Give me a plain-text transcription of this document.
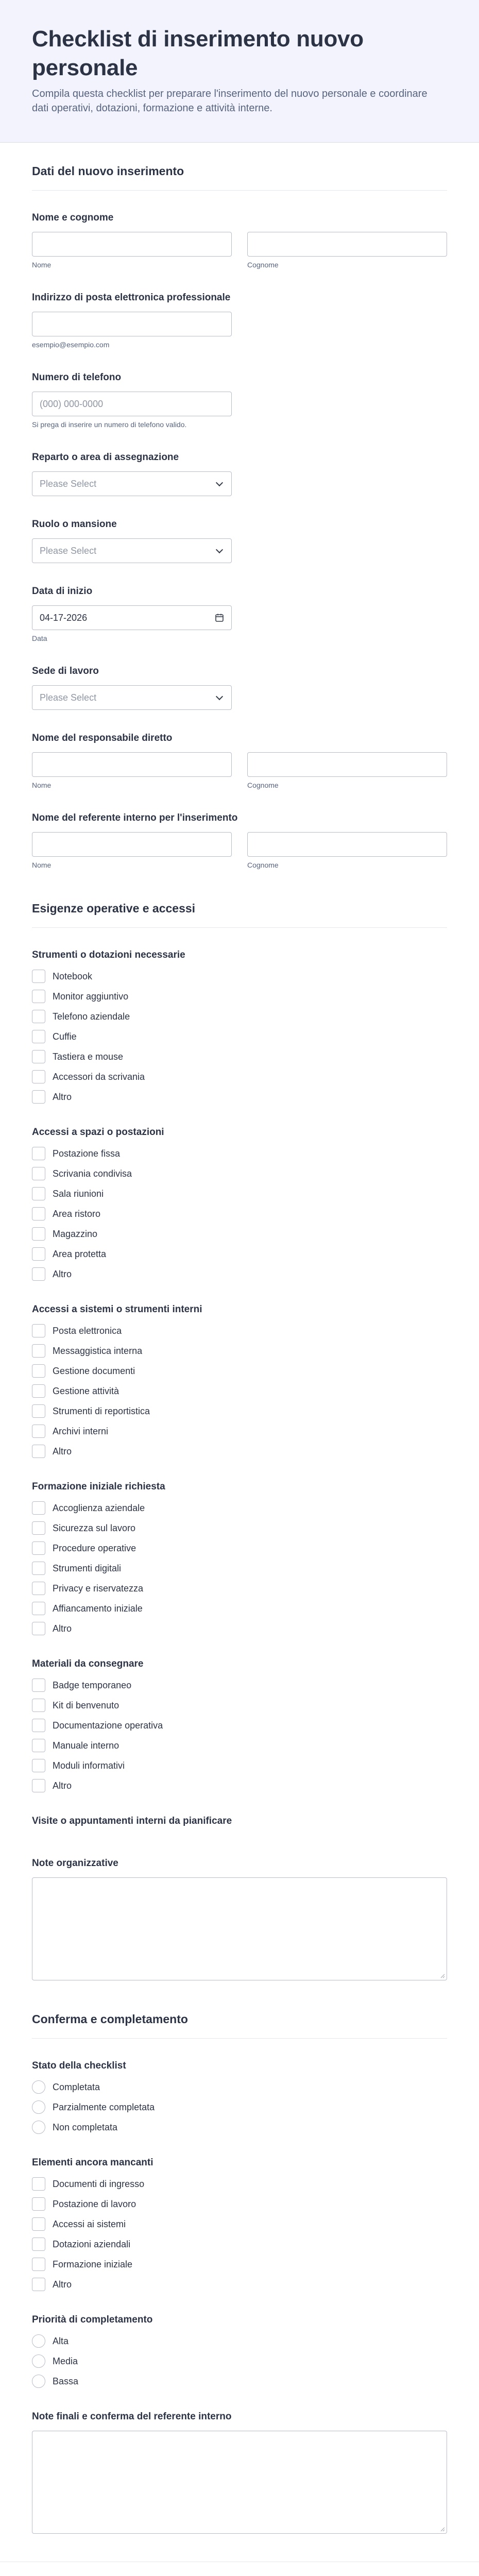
Checklist di inserimento nuovo personale

Compila questa checklist per preparare l'inserimento del nuovo personale e coordinare dati operativi, dotazioni, formazione e attività interne.

Dati del nuovo inserimento
Nome e cognome
Nome	Cognome
Indirizzo di posta elettronica professionale
esempio@esempio.com
Numero di telefono
(000) 000-0000
Si prega di inserire un numero di telefono valido.
Reparto o area di assegnazione
Please Select
Ruolo o mansione
Please Select
Data di inizio
04-17-2026
Data
Sede di lavoro
Please Select
Nome del responsabile diretto
Nome	Cognome
Nome del referente interno per l'inserimento
Nome	Cognome
Esigenze operative e accessi
Strumenti o dotazioni necessarie
Notebook
Monitor aggiuntivo
Telefono aziendale
Cuffie
Tastiera e mouse
Accessori da scrivania
Altro
Accessi a spazi o postazioni
Postazione fissa
Scrivania condivisa
Sala riunioni
Area ristoro
Magazzino
Area protetta
Altro
Accessi a sistemi o strumenti interni
Posta elettronica
Messaggistica interna
Gestione documenti
Gestione attività
Strumenti di reportistica
Archivi interni
Altro
Formazione iniziale richiesta
Accoglienza aziendale
Sicurezza sul lavoro
Procedure operative
Strumenti digitali
Privacy e riservatezza
Affiancamento iniziale
Altro
Materiali da consegnare
Badge temporaneo
Kit di benvenuto
Documentazione operativa
Manuale interno
Moduli informativi
Altro
Visite o appuntamenti interni da pianificare
Note organizzative
Conferma e completamento
Stato della checklist
Completata
Parzialmente completata
Non completata
Elementi ancora mancanti
Documenti di ingresso
Postazione di lavoro
Accessi ai sistemi
Dotazioni aziendali
Formazione iniziale
Altro
Priorità di completamento
Alta
Media
Bassa
Note finali e conferma del referente interno
